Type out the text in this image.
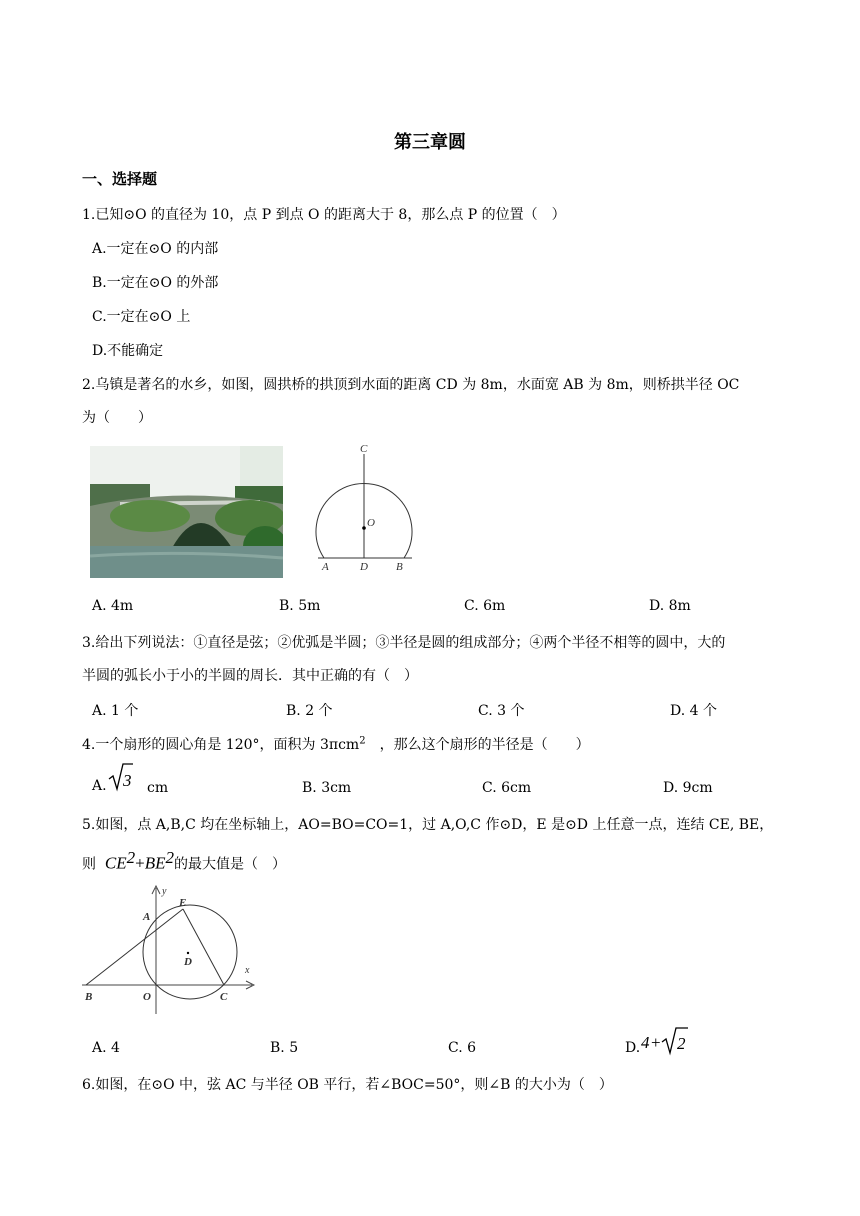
第三章圆
一、选择题
1.已知⊙O 的直径为 10，点 P 到点 O 的距离大于 8，那么点 P 的位置（　）
A.一定在⊙O 的内部
B.一定在⊙O 的外部
C.一定在⊙O 上
D.不能确定
2.乌镇是著名的水乡，如图，圆拱桥的拱顶到水面的距离 CD 为 8m，水面宽 AB 为 8m，则桥拱半径 OC
为（　　）
C
O
A	D	B
A. 4m	B. 5m	C. 6m	D. 8m
3.给出下列说法：①直径是弦；②优弧是半圆；③半径是圆的组成部分；④两个半径不相等的圆中，大的
半圆的弧长小于小的半圆的周长．其中正确的有（　）
A. 1 个	B. 2 个	C. 3 个	D. 4 个
4.一个扇形的圆心角是 120°，面积为 3πcm$^2$　，那么这个扇形的半径是（　　）
A. 3 cm	B. 3cm	C. 6cm	D. 9cm
5.如图，点 A,B,C 均在坐标轴上，AO=BO=CO=1，过 A,O,C 作⊙D，E 是⊙D 上任意一点，连结 CE, BE，
则 $CE^2+BE^2$的最大值是（　）
y
x
A
E
D
B	O	C
A. 4	B. 5	C. 6	D. 4 + 2
6.如图，在⊙O 中，弦 AC 与半径 OB 平行，若∠BOC=50°，则∠B 的大小为（　）
